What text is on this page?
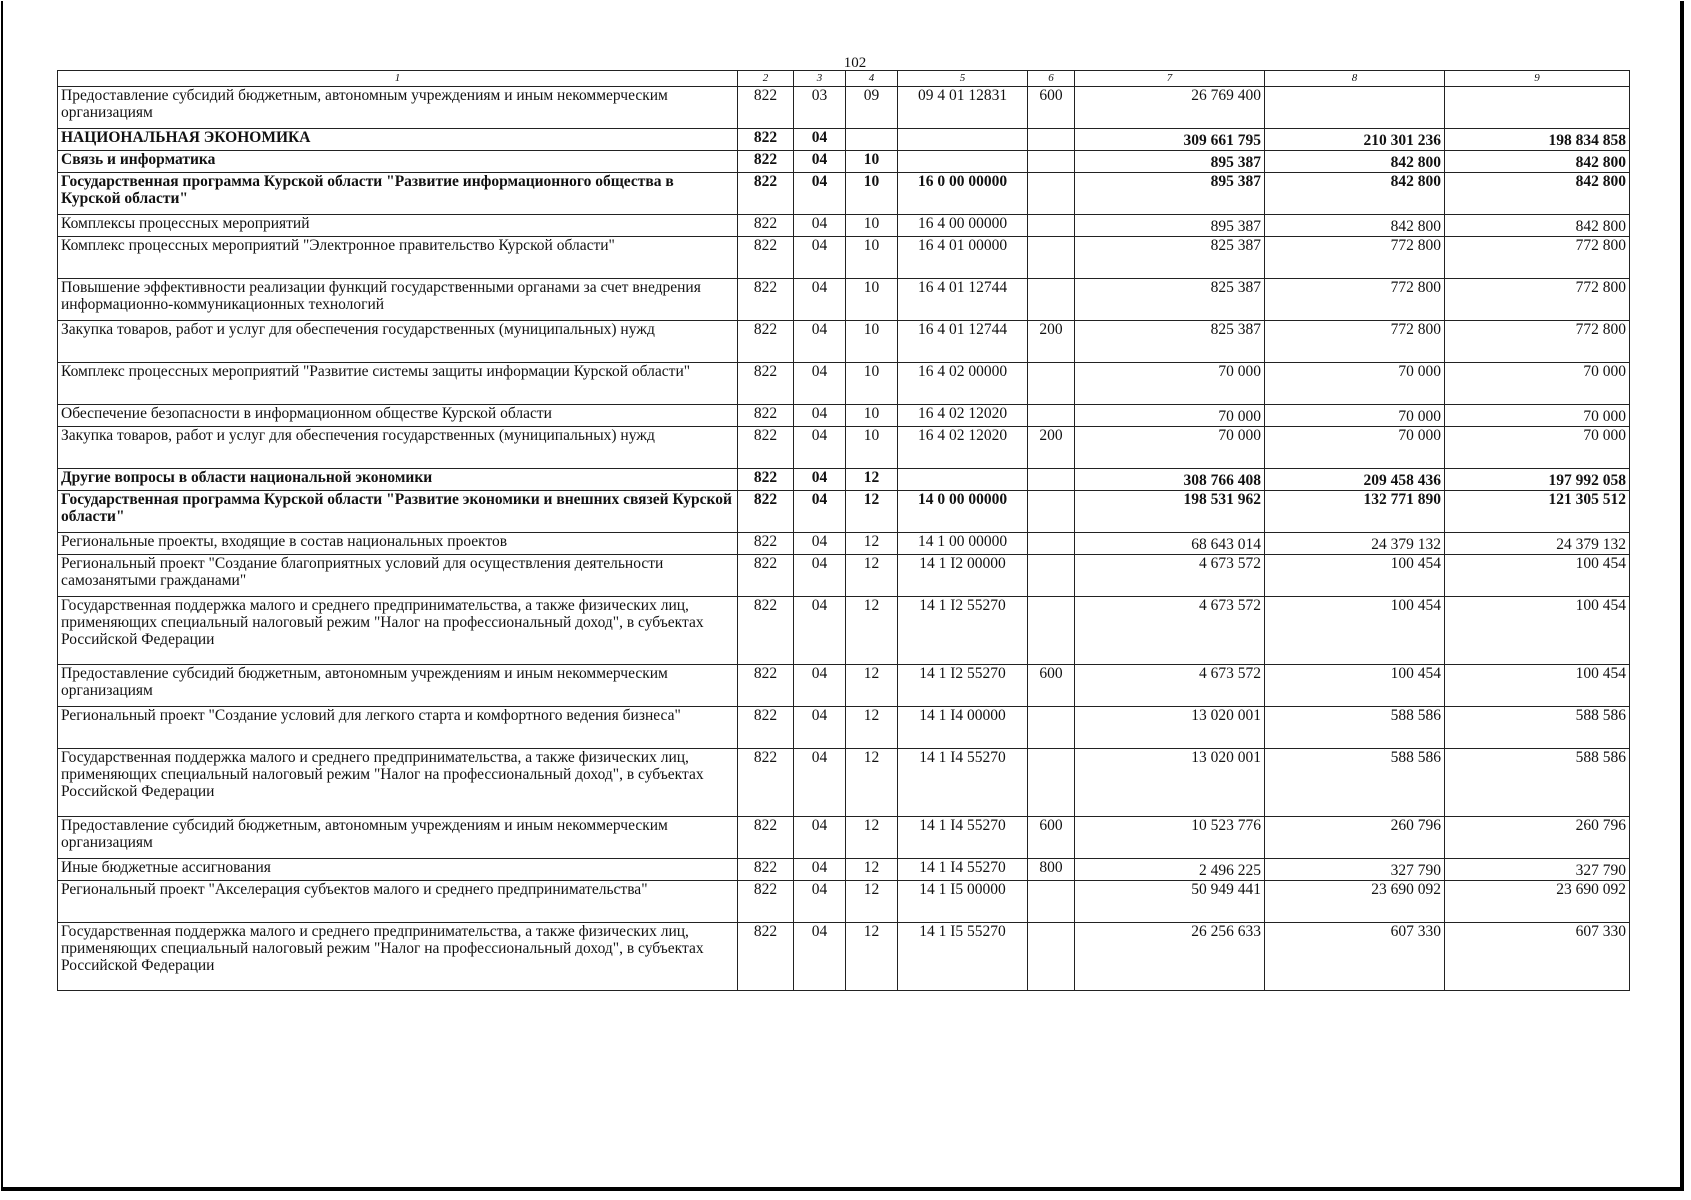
102
1	2	3	4	5	6	7	8	9
Предоставление субсидий бюджетным, автономным учреждениям и иным некоммерческим организациям	822	03	09	09 4 01 12831	600	26 769 400		
НАЦИОНАЛЬНАЯ ЭКОНОМИКА	822	04				309 661 795	210 301 236	198 834 858
Связь и информатика	822	04	10			895 387	842 800	842 800
Государственная программа Курской области "Развитие информационного общества в Курской области"	822	04	10	16 0 00 00000		895 387	842 800	842 800
Комплексы процессных мероприятий	822	04	10	16 4 00 00000		895 387	842 800	842 800
Комплекс процессных мероприятий "Электронное правительство Курской области"	822	04	10	16 4 01 00000		825 387	772 800	772 800
Повышение эффективности реализации функций государственными органами за счет внедрения информационно-коммуникационных технологий	822	04	10	16 4 01 12744		825 387	772 800	772 800
Закупка товаров, работ и услуг для обеспечения государственных (муниципальных) нужд	822	04	10	16 4 01 12744	200	825 387	772 800	772 800
Комплекс процессных мероприятий "Развитие системы защиты информации Курской области"	822	04	10	16 4 02 00000		70 000	70 000	70 000
Обеспечение безопасности в информационном обществе Курской области	822	04	10	16 4 02 12020		70 000	70 000	70 000
Закупка товаров, работ и услуг для обеспечения государственных (муниципальных) нужд	822	04	10	16 4 02 12020	200	70 000	70 000	70 000
Другие вопросы в области национальной экономики	822	04	12			308 766 408	209 458 436	197 992 058
Государственная программа Курской области "Развитие экономики и внешних связей Курской области"	822	04	12	14 0 00 00000		198 531 962	132 771 890	121 305 512
Региональные проекты, входящие в состав национальных проектов	822	04	12	14 1 00 00000		68 643 014	24 379 132	24 379 132
Региональный проект "Создание благоприятных условий для осуществления деятельности самозанятыми гражданами"	822	04	12	14 1 I2 00000		4 673 572	100 454	100 454
Государственная поддержка малого и среднего предпринимательства, а также физических лиц, применяющих специальный налоговый режим "Налог на профессиональный доход", в субъектах Российской Федерации	822	04	12	14 1 I2 55270		4 673 572	100 454	100 454
Предоставление субсидий бюджетным, автономным учреждениям и иным некоммерческим организациям	822	04	12	14 1 I2 55270	600	4 673 572	100 454	100 454
Региональный проект "Создание условий для легкого старта и комфортного ведения бизнеса"	822	04	12	14 1 I4 00000		13 020 001	588 586	588 586
Государственная поддержка малого и среднего предпринимательства, а также физических лиц, применяющих специальный налоговый режим "Налог на профессиональный доход", в субъектах Российской Федерации	822	04	12	14 1 I4 55270		13 020 001	588 586	588 586
Предоставление субсидий бюджетным, автономным учреждениям и иным некоммерческим организациям	822	04	12	14 1 I4 55270	600	10 523 776	260 796	260 796
Иные бюджетные ассигнования	822	04	12	14 1 I4 55270	800	2 496 225	327 790	327 790
Региональный проект "Акселерация субъектов малого и среднего предпринимательства"	822	04	12	14 1 I5 00000		50 949 441	23 690 092	23 690 092
Государственная поддержка малого и среднего предпринимательства, а также физических лиц, применяющих специальный налоговый режим "Налог на профессиональный доход", в субъектах Российской Федерации	822	04	12	14 1 I5 55270		26 256 633	607 330	607 330
